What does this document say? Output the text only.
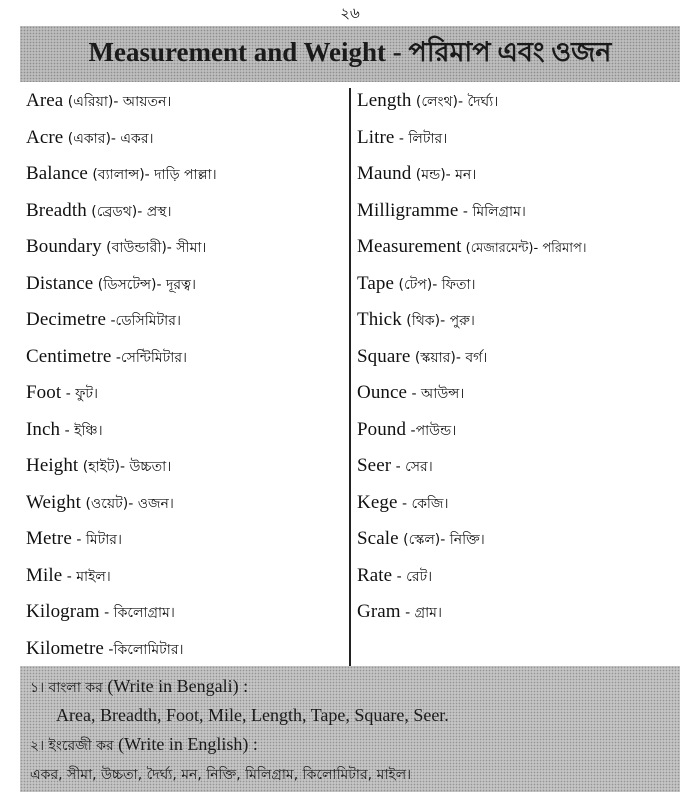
২৬
Measurement and Weight - পরিমাপ এবং ওজন
Area (এরিয়া)- আয়তন।
Acre (একার)- একর।
Balance (ব্যালান্স)- দাড়ি পাল্লা।
Breadth (ব্রেডথ)- প্রস্থ।
Boundary (বাউন্ডারী)- সীমা।
Distance (ডিসটেন্স)- দূরত্ব।
Decimetre -ডেসিমিটার।
Centimetre -সেন্টিমিটার।
Foot - ফুট।
Inch - ইঞ্চি।
Height (হাইট)- উচ্চতা।
Weight (ওয়েট)- ওজন।
Metre - মিটার।
Mile - মাইল।
Kilogram - কিলোগ্রাম।
Kilometre -কিলোমিটার।
Length (লেংথ)- দৈর্ঘ্য।
Litre - লিটার।
Maund (মন্ড)- মন।
Milligramme - মিলিগ্রাম।
Measurement (মেজারমেন্ট)- পরিমাপ।
Tape (টেপ)- ফিতা।
Thick (থিক)- পুরু।
Square (স্কয়ার)- বর্গ।
Ounce - আউন্স।
Pound -পাউন্ড।
Seer - সের।
Kege - কেজি।
Scale (স্কেল)- নিক্তি।
Rate - রেট।
Gram - গ্রাম।
১। বাংলা কর (Write in Bengali) :
Area, Breadth, Foot, Mile, Length, Tape, Square, Seer.
২। ইংরেজী কর (Write in English) :
একর, সীমা, উচ্চতা, দৈর্ঘ্য, মন, নিক্তি, মিলিগ্রাম, কিলোমিটার, মাইল।
